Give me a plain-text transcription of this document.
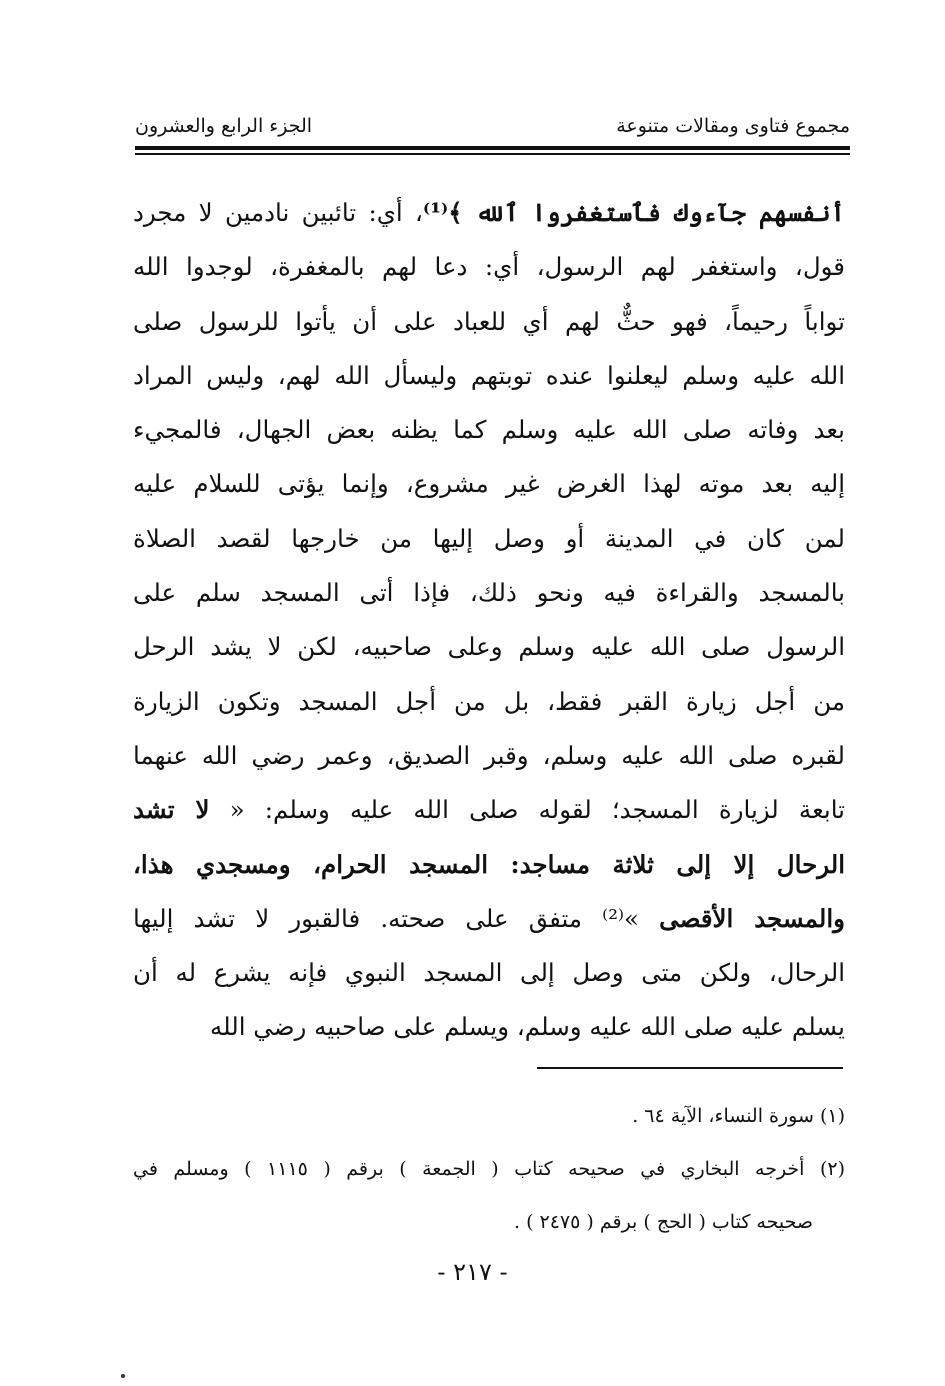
مجموع فتاوى ومقالات متنوعة
الجزء الرابع والعشرون
أنفسهم جآءوك فٱستغفروا ٱلله ﴾⁽¹⁾، أي: تائبين نادمين لا مجرد
قول، واستغفر لهم الرسول، أي: دعا لهم بالمغفرة، لوجدوا الله
تواباً رحيماً، فهو حثٌّ لهم أي للعباد على أن يأتوا للرسول صلى
الله عليه وسلم ليعلنوا عنده توبتهم وليسأل الله لهم، وليس المراد
بعد وفاته صلى الله عليه وسلم كما يظنه بعض الجهال، فالمجيء
إليه بعد موته لهذا الغرض غير مشروع، وإنما يؤتى للسلام عليه
لمن كان في المدينة أو وصل إليها من خارجها لقصد الصلاة
بالمسجد والقراءة فيه ونحو ذلك، فإذا أتى المسجد سلم على
الرسول صلى الله عليه وسلم وعلى صاحبيه، لكن لا يشد الرحل
من أجل زيارة القبر فقط، بل من أجل المسجد وتكون الزيارة
لقبره صلى الله عليه وسلم، وقبر الصديق، وعمر رضي الله عنهما
تابعة لزيارة المسجد؛ لقوله صلى الله عليه وسلم: « لا تشد
الرحال إلا إلى ثلاثة مساجد: المسجد الحرام، ومسجدي هذا،
والمسجد الأقصى »⁽²⁾ متفق على صحته. فالقبور لا تشد إليها
الرحال، ولكن متى وصل إلى المسجد النبوي فإنه يشرع له أن
يسلم عليه صلى الله عليه وسلم، ويسلم على صاحبيه رضي الله
(١) سورة النساء، الآية ٦٤ .
(٢) أخرجه البخاري في صحيحه كتاب ( الجمعة ) برقم ( ١١١٥ ) ومسلم في
صحيحه كتاب ( الحج ) برقم ( ٢٤٧٥ ) .
- ٢١٧ -
